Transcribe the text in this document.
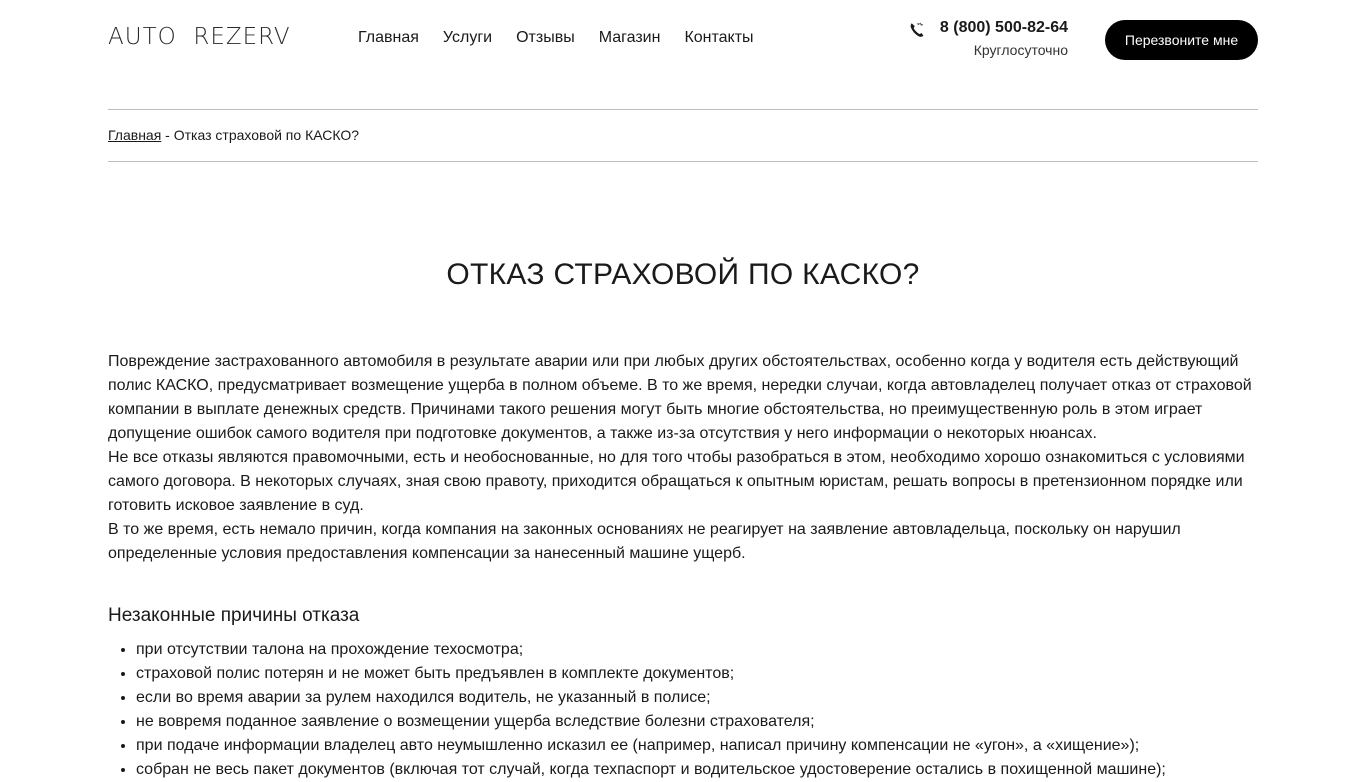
AUTO  REZERV	Главная Услуги Отзывы Магазин Контакты
8 (800) 500-82-64
Круглосуточно
Перезвоните мне
Главная - Отказ страховой по КАСКО?
ОТКАЗ СТРАХОВОЙ ПО КАСКО?

Повреждение застрахованного автомобиля в результате аварии или при любых других обстоятельствах, особенно когда у водителя есть действующий полис КАСКО, предусматривает возмещение ущерба в полном объеме. В то же время, нередки случаи, когда автовладелец получает отказ от страховой компании в выплате денежных средств. Причинами такого решения могут быть многие обстоятельства, но преимущественную роль в этом играет допущение ошибок самого водителя при подготовке документов, а также из-за отсутствия у него информации о некоторых нюансах.

Не все отказы являются правомочными, есть и необоснованные, но для того чтобы разобраться в этом, необходимо хорошо ознакомиться с условиями самого договора. В некоторых случаях, зная свою правоту, приходится обращаться к опытным юристам, решать вопросы в претензионном порядке или готовить исковое заявление в суд.

В то же время, есть немало причин, когда компания на законных основаниях не реагирует на заявление автовладельца, поскольку он нарушил определенные условия предоставления компенсации за нанесенный машине ущерб.

Незаконные причины отказа
• при отсутствии талона на прохождение техосмотра;
• страховой полис потерян и не может быть предъявлен в комплекте документов;
• если во время аварии за рулем находился водитель, не указанный в полисе;
• не вовремя поданное заявление о возмещении ущерба вследствие болезни страхователя;
• при подаче информации владелец авто неумышленно исказил ее (например, написал причину компенсации не «угон», а «хищение»);
• собран не весь пакет документов (включая тот случай, когда техпаспорт и водительское удостоверение остались в похищенной машине);
